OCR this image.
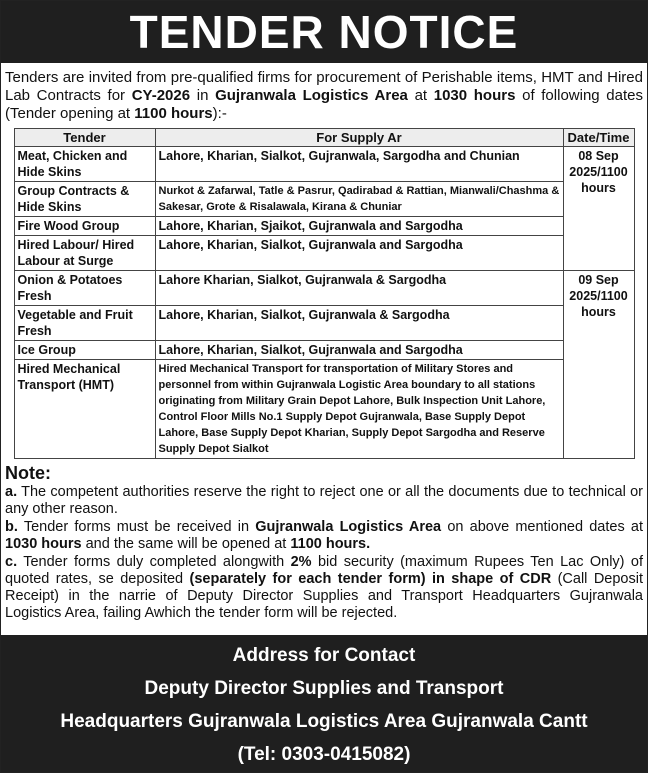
TENDER NOTICE
Tenders are invited from pre-qualified firms for procurement of Perishable items, HMT and Hired Lab Contracts for CY-2026 in Gujranwala Logistics Area at 1030 hours of following dates (Tender opening at 1100 hours):-
Tender	For Supply Ar	Date/Time
Meat, Chicken and Hide Skins	Lahore, Kharian, Sialkot, Gujranwala, Sargodha and Chunian	08 Sep
2025/1100
hours

Group Contracts & Hide Skins	Nurkot & Zafarwal, Tatle & Pasrur, Qadirabad & Rattian, Mianwali/Chashma & Sakesar, Grote & Risalawala, Kirana & Chuniar	
Fire Wood Group	Lahore, Kharian, Sjaikot, Gujranwala and Sargodha	
Hired Labour/ Hired Labour at Surge	Lahore, Kharian, Sialkot, Gujranwala and Sargodha	
Onion & Potatoes Fresh	Lahore Kharian, Sialkot, Gujranwala & Sargodha	09 Sep
2025/1100
hours

Vegetable and Fruit Fresh	Lahore, Kharian, Sialkot, Gujranwala & Sargodha	
Ice Group	Lahore, Kharian, Sialkot, Gujranwala and Sargodha	
Hired Mechanical Transport (HMT)	Hired Mechanical Transport for transportation of Military Stores and personnel from within Gujranwala Logistic Area boundary to all stations originating from Military Grain Depot Lahore, Bulk Inspection Unit Lahore, Control Floor Mills No.1 Supply Depot Gujranwala, Base Supply Depot Lahore, Base Supply Depot Kharian, Supply Depot Sargodha and Reserve Supply Depot Sialkot	
Note:

a. The competent authorities reserve the right to reject one or all the documents due to technical or any other reason.

b. Tender forms must be received in Gujranwala Logistics Area on above mentioned dates at 1030 hours and the same will be opened at 1100 hours.

c. Tender forms duly completed alongwith 2% bid security (maximum Rupees Ten Lac Only) of quoted rates, se deposited (separately for each tender form) in shape of CDR (Call Deposit Receipt) in the narrie of Deputy Director Supplies and Transport Headquarters Gujranwala Logistics Area, failing Awhich the tender form will be rejected.

Address for Contact
Deputy Director Supplies and Transport
Headquarters Gujranwala Logistics Area Gujranwala Cantt
(Tel: 0303-0415082)
